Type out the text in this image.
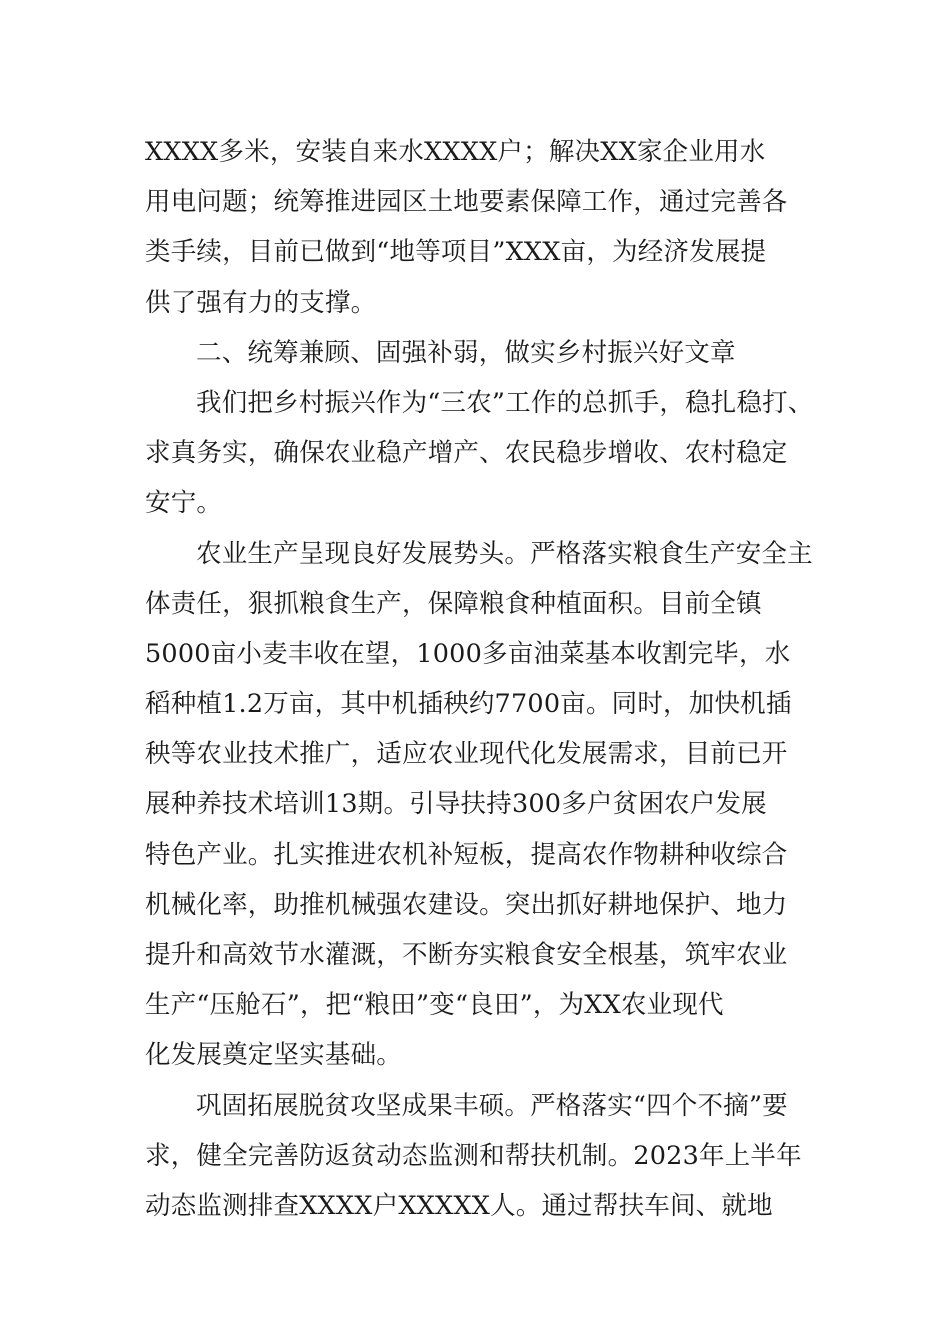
XXXX多米，安装自来水XXXX户；解决XX家企业用水
用电问题；统筹推进园区土地要素保障工作，通过完善各
类手续，目前已做到“地等项目”XXX亩，为经济发展提
供了强有力的支撑。
二、统筹兼顾、固强补弱，做实乡村振兴好文章
我们把乡村振兴作为“三农”工作的总抓手，稳扎稳打、
求真务实，确保农业稳产增产、农民稳步增收、农村稳定
安宁。
农业生产呈现良好发展势头。严格落实粮食生产安全主
体责任，狠抓粮食生产，保障粮食种植面积。目前全镇
5000亩小麦丰收在望，1000多亩油菜基本收割完毕，水
稻种植1.2万亩，其中机插秧约7700亩。同时，加快机插
秧等农业技术推广，适应农业现代化发展需求，目前已开
展种养技术培训13期。引导扶持300多户贫困农户发展
特色产业。扎实推进农机补短板，提高农作物耕种收综合
机械化率，助推机械强农建设。突出抓好耕地保护、地力
提升和高效节水灌溉，不断夯实粮食安全根基，筑牢农业
生产“压舱石”，把“粮田”变“良田”，为XX农业现代
化发展奠定坚实基础。
巩固拓展脱贫攻坚成果丰硕。严格落实“四个不摘”要
求，健全完善防返贫动态监测和帮扶机制。2023年上半年
动态监测排查XXXX户XXXXX人。通过帮扶车间、就地
